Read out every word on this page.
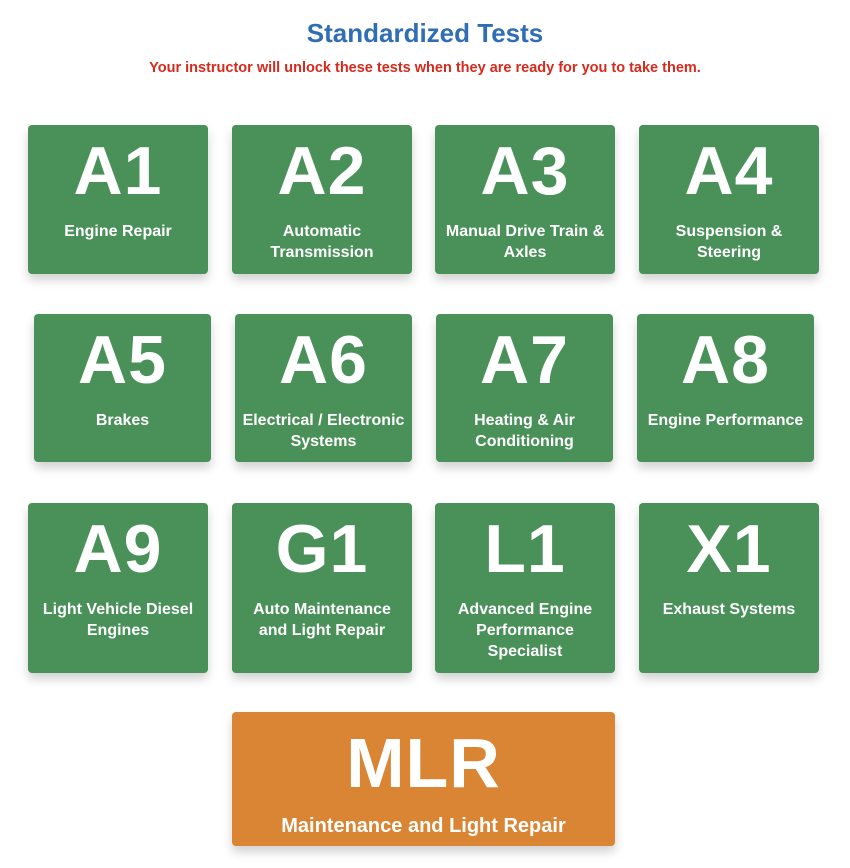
Standardized Tests
Your instructor will unlock these tests when they are ready for you to take them.
A1
Engine Repair
A2
Automatic Transmission
A3
Manual Drive Train & Axles
A4
Suspension & Steering
A5
Brakes
A6
Electrical / Electronic Systems
A7
Heating & Air Conditioning
A8
Engine Performance
A9
Light Vehicle Diesel Engines
G1
Auto Maintenance and Light Repair
L1
Advanced Engine Performance Specialist
X1
Exhaust Systems
MLR
Maintenance and Light Repair
